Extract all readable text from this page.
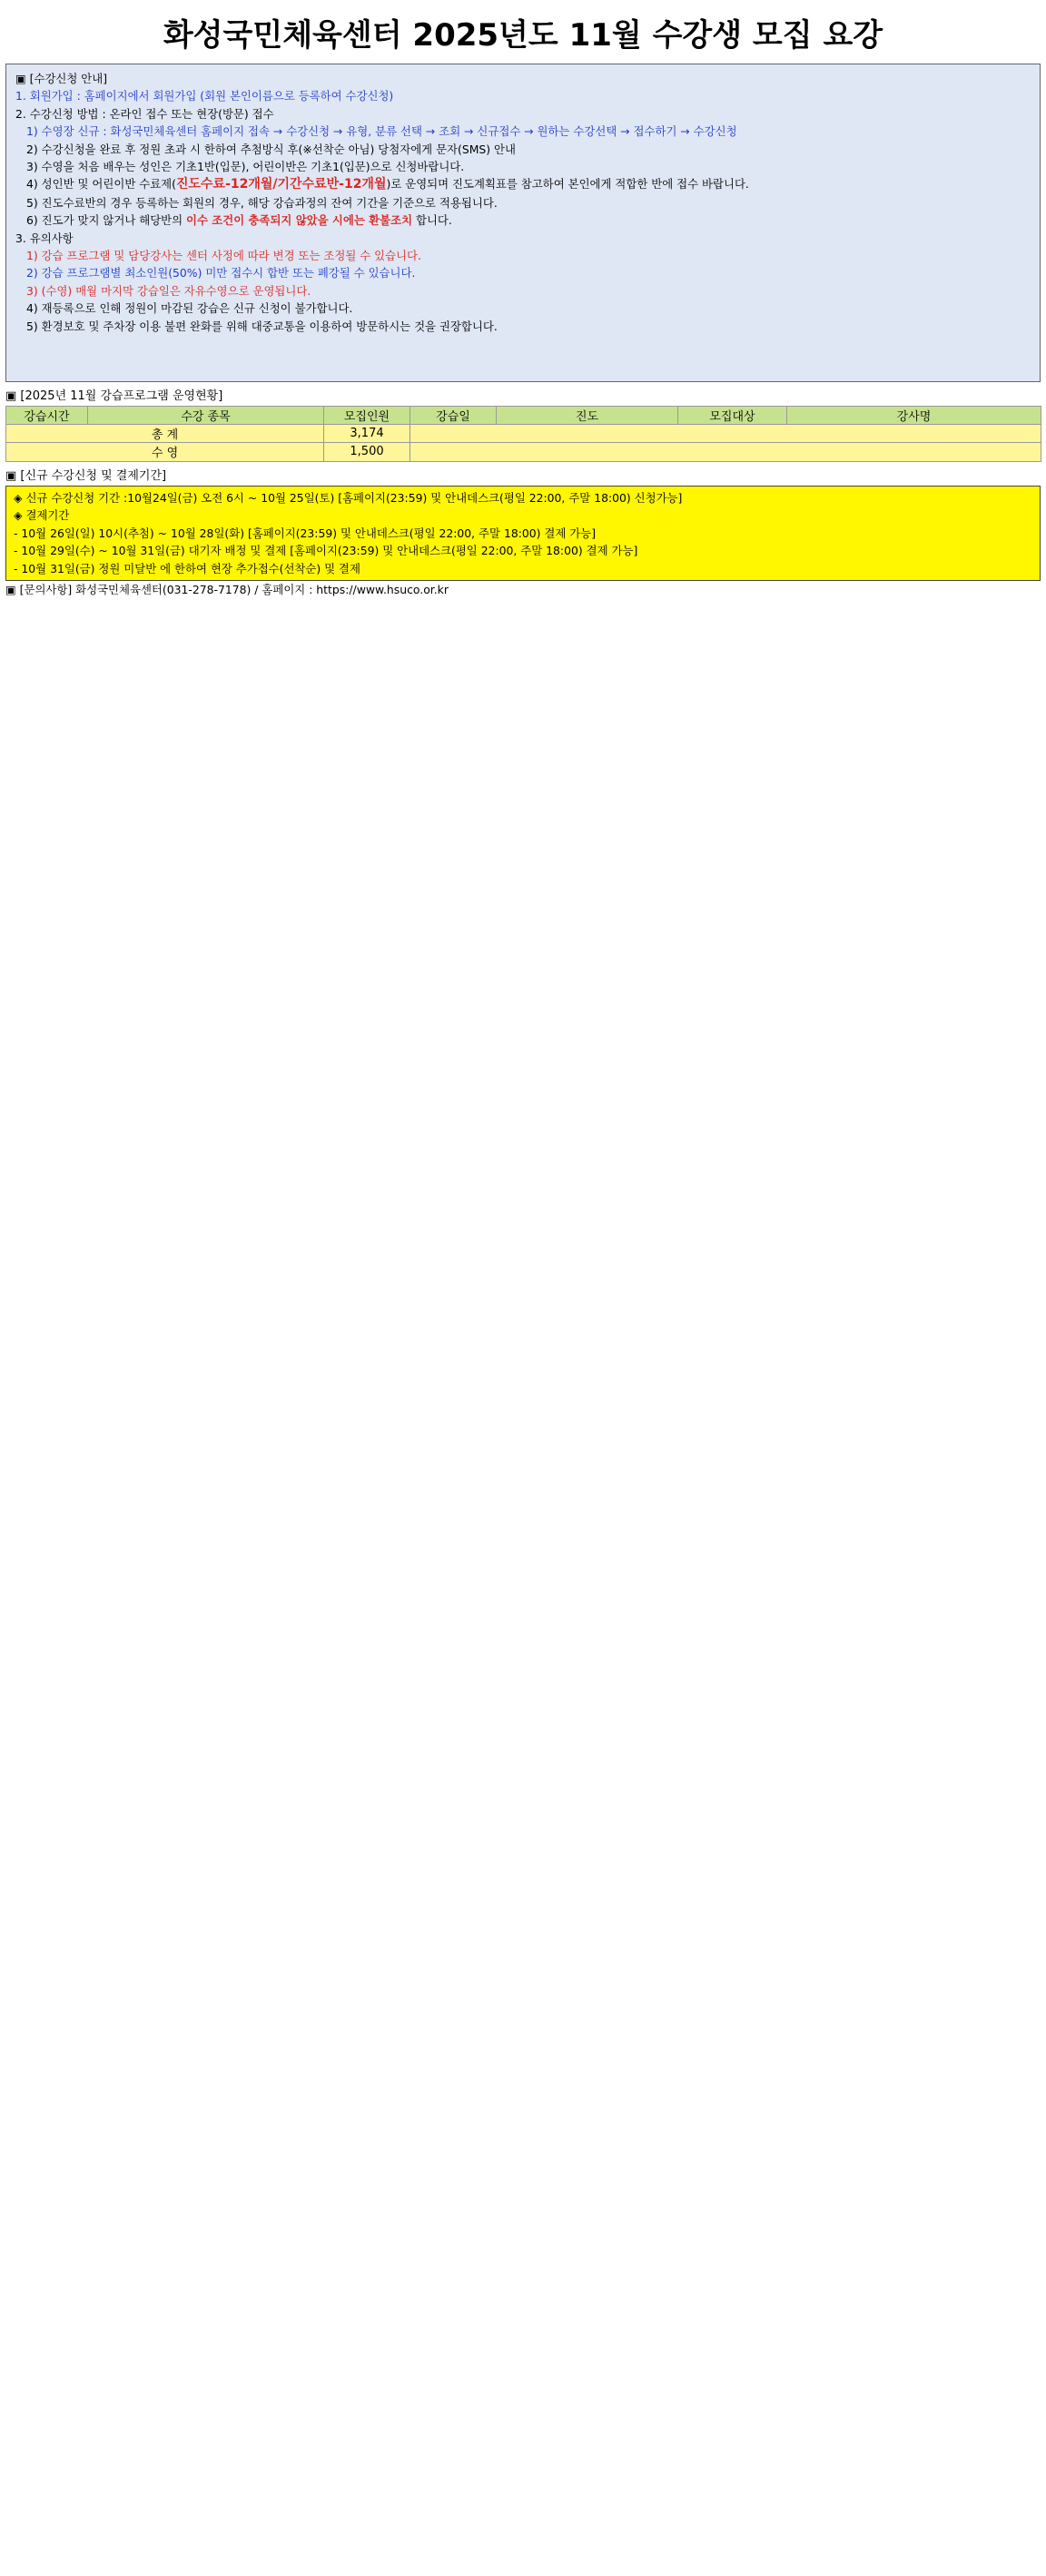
화성국민체육센터 2025년도 11월 수강생 모집 요강
▣ [수강신청 안내]
1. 회원가입 : 홈페이지에서 회원가입 (회원 본인이름으로 등록하여 수강신청)
2. 수강신청 방법 : 온라인 접수 또는 현장(방문) 접수
1) 수영장 신규 : 화성국민체육센터 홈페이지 접속 → 수강신청 → 유형, 분류 선택 → 조회 → 신규접수 → 원하는 수강선택 → 접수하기 → 수강신청
2) 수강신청을 완료 후 정원 초과 시 한하여 추첨방식 후(※선착순 아님) 당첨자에게 문자(SMS) 안내
3) 수영을 처음 배우는 성인은 기초1반(입문), 어린이반은 기초1(입문)으로 신청바랍니다.
4) 성인반 및 어린이반 수료제(진도수료-12개월/기간수료반-12개월)로 운영되며 진도계획표를 참고하여 본인에게 적합한 반에 접수 바랍니다.
5) 진도수료반의 경우 등록하는 회원의 경우, 해당 강습과정의 잔여 기간을 기준으로 적용됩니다.
6) 진도가 맞지 않거나 해당반의 이수 조건이 충족되지 않았을 시에는 환불조치 합니다.
3. 유의사항
1) 강습 프로그램 및 담당강사는 센터 사정에 따라 변경 또는 조정될 수 있습니다.
2) 강습 프로그램별 최소인원(50%) 미만 접수시 합반 또는 폐강될 수 있습니다.
3) (수영) 매월 마지막 강습일은 자유수영으로 운영됩니다.
4) 재등록으로 인해 정원이 마감된 강습은 신규 신청이 불가합니다.
5) 환경보호 및 주차장 이용 불편 완화를 위해 대중교통을 이용하여 방문하시는 것을 권장합니다.
▣ [2025년 11월 강습프로그램 운영현황]
강습시간	수강 종목	모집인원	강습일	진도	모집대상	강사명
총 계		3,174				
수 영		1,500				
▣ [신규 수강신청 및 결제기간]
◈ 신규 수강신청 기간 :10월24일(금) 오전 6시 ~ 10월 25일(토) [홈페이지(23:59) 및 안내데스크(평일 22:00, 주말 18:00) 신청가능]
◈ 결제기간
- 10월 26일(일) 10시(추첨) ~ 10월 28일(화) [홈페이지(23:59) 및 안내데스크(평일 22:00, 주말 18:00) 결제 가능]
- 10월 29일(수) ~ 10월 31일(금) 대기자 배정 및 결제 [홈페이지(23:59) 및 안내데스크(평일 22:00, 주말 18:00) 결제 가능]
- 10월 31일(금) 정원 미달반 에 한하여 현장 추가접수(선착순) 및 결제
▣ [문의사항] 화성국민체육센터(031-278-7178) / 홈페이지 : https://www.hsuco.or.kr
